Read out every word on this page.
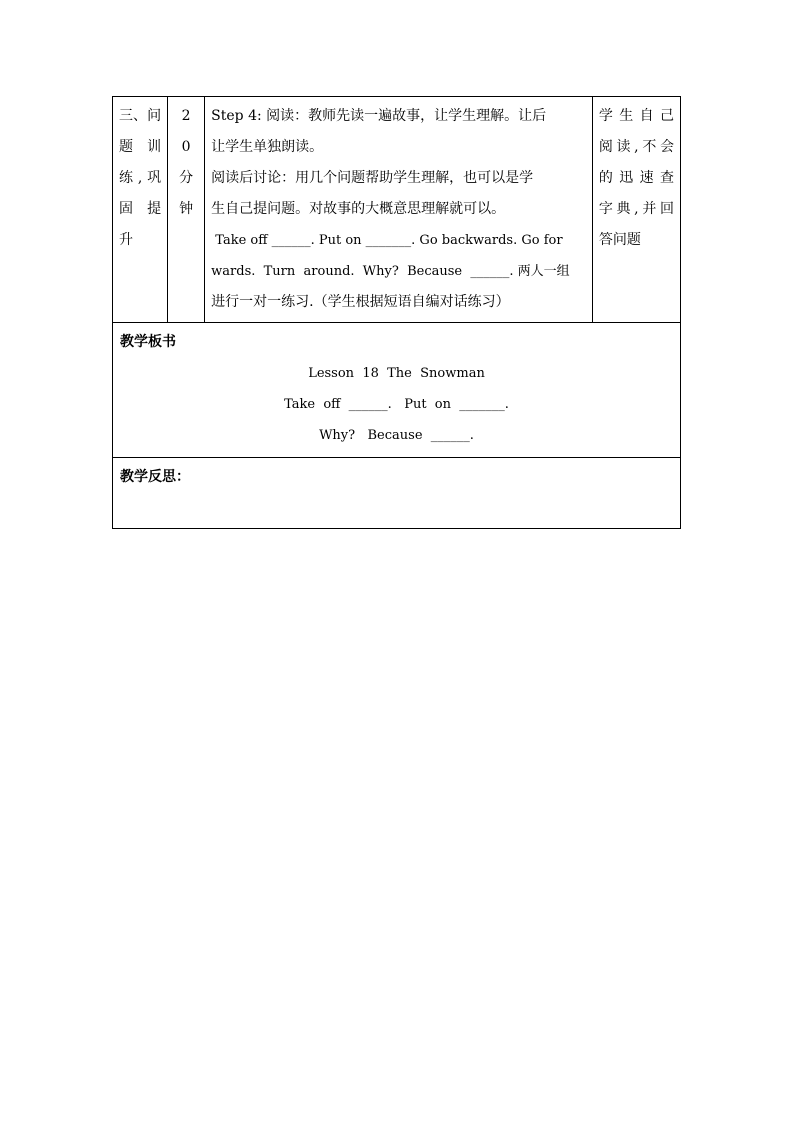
三、问
题 训
练,巩
固 提
升

2
0
分
钟

Step 4: 阅读：教师先读一遍故事，让学生理解。让后
让学生单独朗读。
阅读后讨论：用几个问题帮助学生理解，也可以是学
生自己提问题。对故事的大概意思理解就可以。
Take off ______. Put on _______. Go backwards. Go for
wards.  Turn  around.  Why?  Because  ______. 两人一组
进行一对一练习.（学生根据短语自编对话练习）

学 生 自 己
阅读,不会
的 迅 速 查
字典,并回
答问题

教学板书
Lesson  18  The  Snowman
Take  off  ______.   Put  on  _______.
Why?   Because  ______.

教学反思：
